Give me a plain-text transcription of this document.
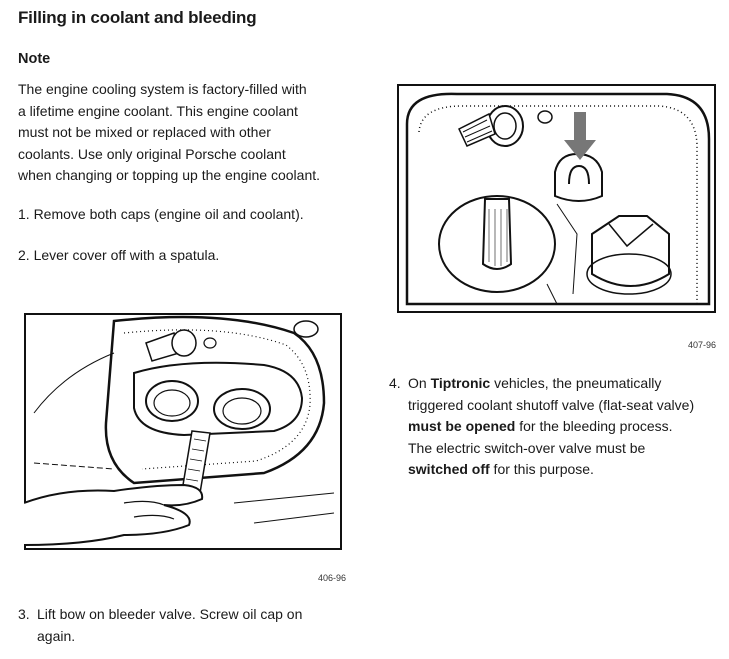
Filling in coolant and bleeding
Note
The engine cooling system is factory-filled with
a lifetime engine coolant. This engine coolant
must not be mixed or replaced with other
coolants. Use only original Porsche coolant
when changing or topping up the engine coolant.
1. Remove both caps (engine oil and coolant).
2. Lever cover off with a spatula.
407-96
406-96
4. On Tiptronic vehicles, the pneumatically
triggered coolant shutoff valve (flat-seat valve)
must be opened for the bleeding process.
The electric switch-over valve must be
switched off for this purpose.
3. Lift bow on bleeder valve. Screw oil cap on
again.
